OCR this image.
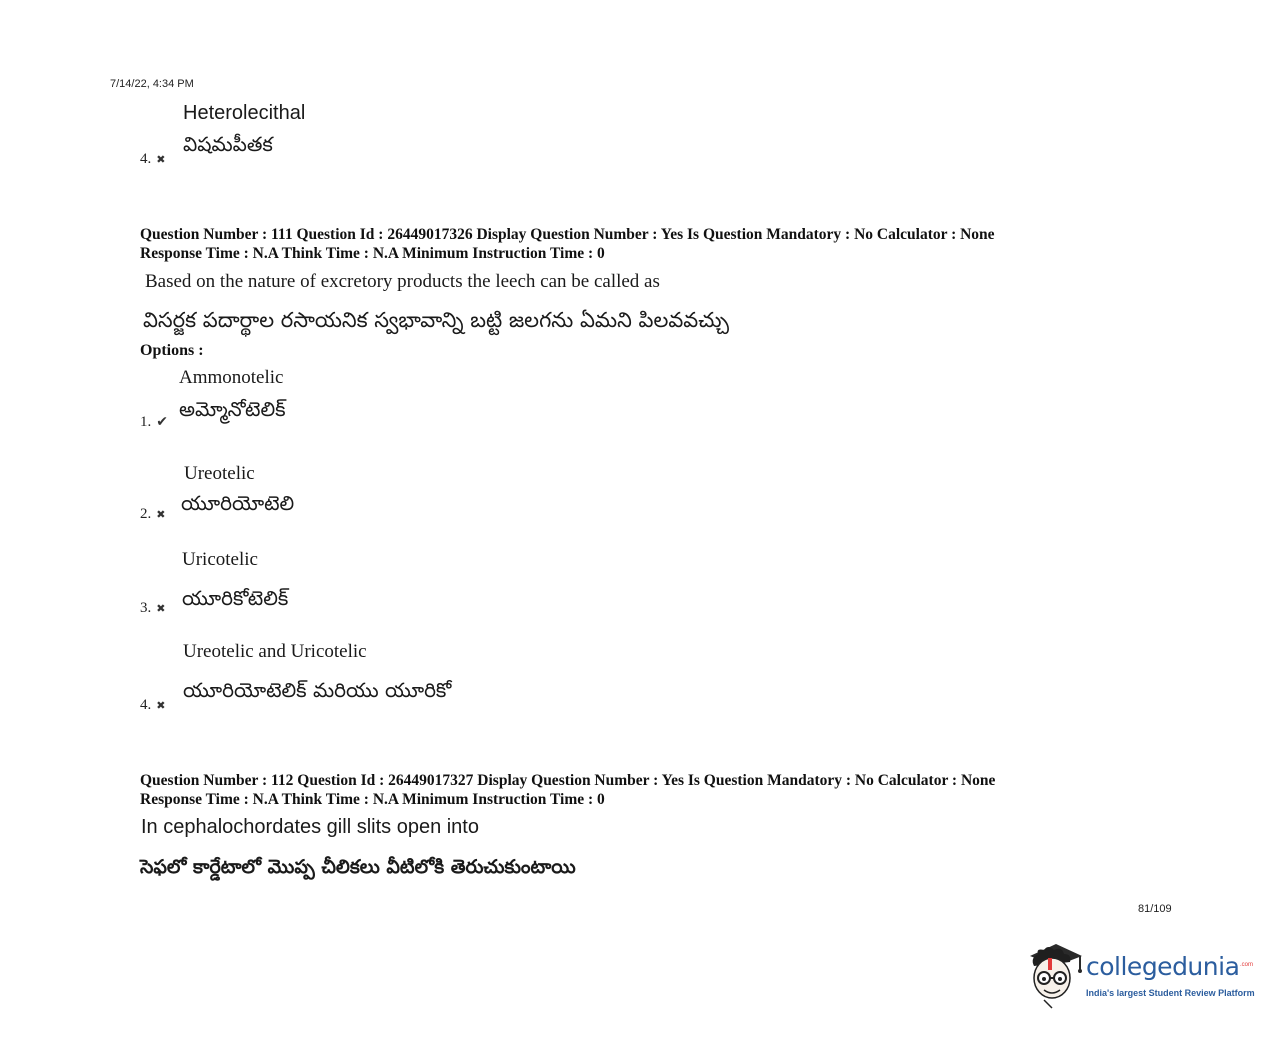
7/14/22, 4:34 PM
Heterolecithal
విషమపీతక
4. ✖
Question Number : 111 Question Id : 26449017326 Display Question Number : Yes Is Question Mandatory : No Calculator : None
Response Time : N.A Think Time : N.A Minimum Instruction Time : 0
Based on the nature of excretory products the leech can be called as
విసర్జక పదార్థాల రసాయనిక స్వభావాన్ని బట్టి జలగను ఏమని పిలవవచ్చు
Options :
Ammonotelic
అమ్మోనోటెలిక్
1. ✔
Ureotelic
యూరియోటెలి
2. ✖
Uricotelic
యూరికోటెలిక్
3. ✖
Ureotelic and Uricotelic
యూరియోటెలిక్ మరియు యూరికో
4. ✖
Question Number : 112 Question Id : 26449017327 Display Question Number : Yes Is Question Mandatory : No Calculator : None
Response Time : N.A Think Time : N.A Minimum Instruction Time : 0
In cephalochordates gill slits open into
సెఫలో కార్డేటాలో మొప్ప చీలికలు వీటిలోకి తెరుచుకుంటాయి
81/109
collegedunia .com
India's largest Student Review Platform
